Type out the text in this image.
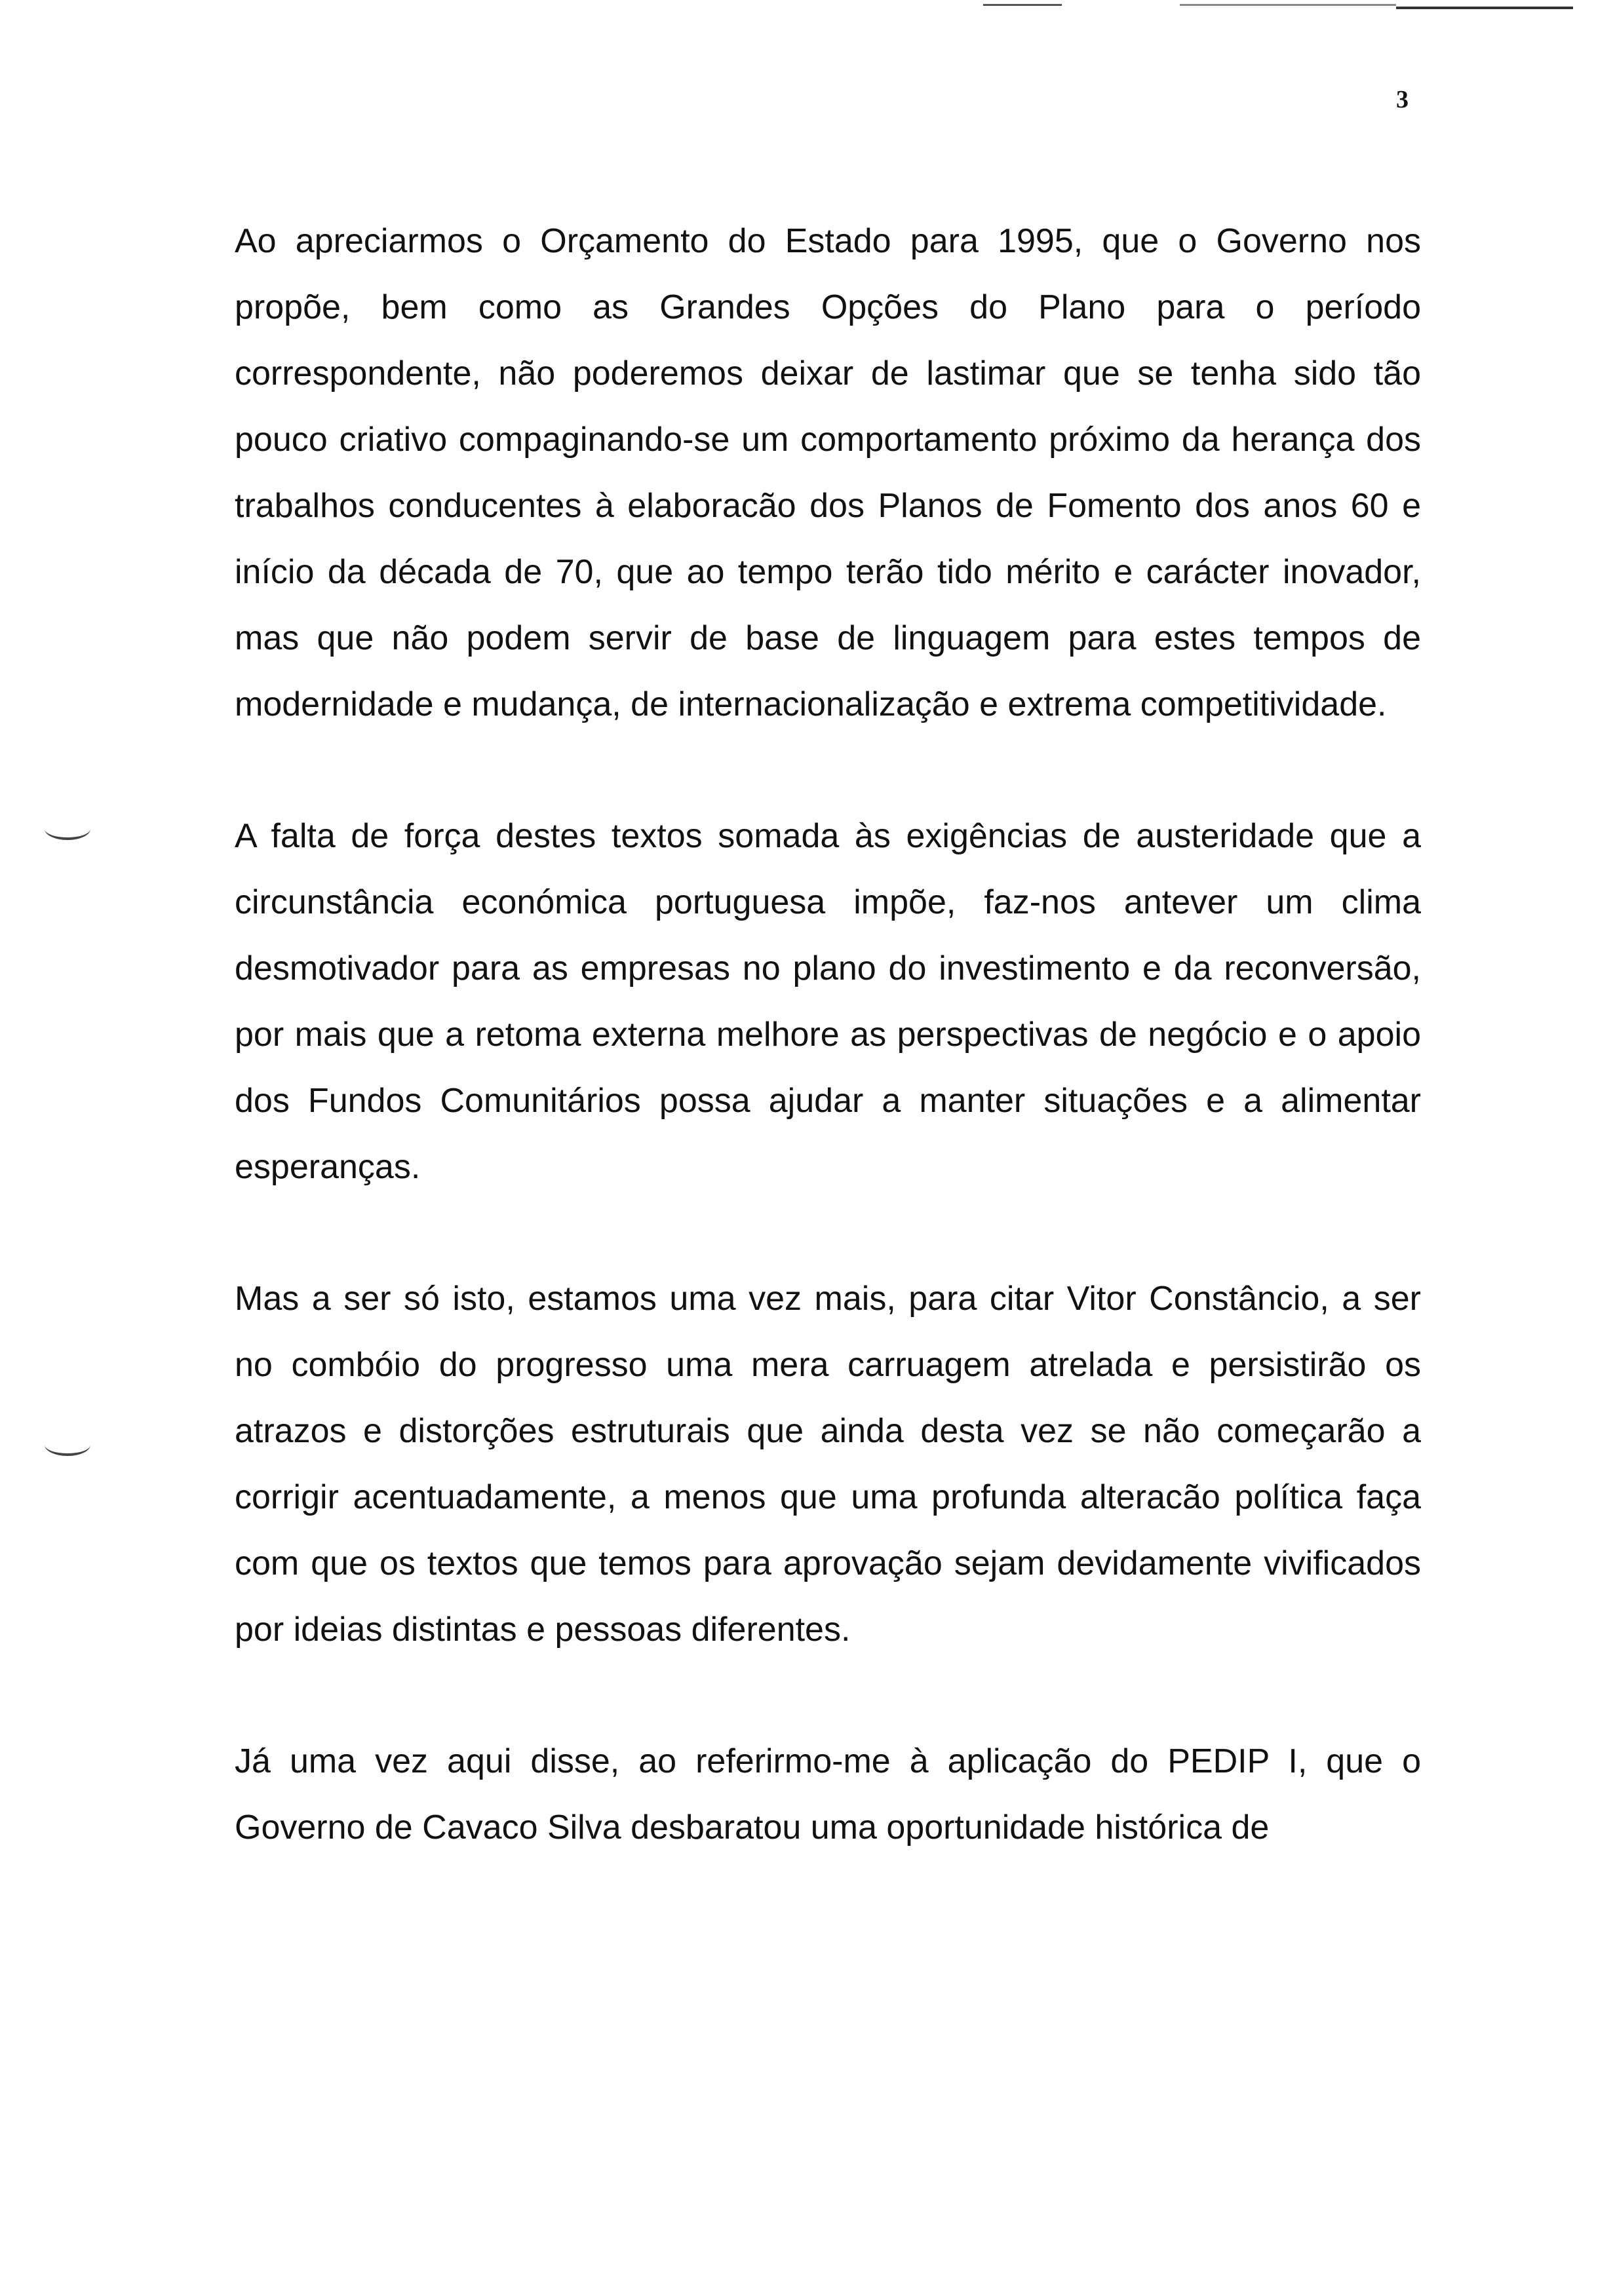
3

Ao apreciarmos o Orçamento do Estado para 1995, que o Governo nos propõe, bem como as Grandes Opções do Plano para o período correspondente, não poderemos deixar de lastimar que se tenha sido tão pouco criativo compaginando-se um comportamento próximo da herança dos trabalhos conducentes à elaboracão dos Planos de Fomento dos anos 60 e início da década de 70, que ao tempo terão tido mérito e carácter inovador, mas que não podem servir de base de linguagem para estes tempos de modernidade e mudança, de internacionalização e extrema competitividade.

A falta de força destes textos somada às exigências de austeridade que a circunstância económica portuguesa impõe, faz-nos antever um clima desmotivador para as empresas no plano do investimento e da reconversão, por mais que a retoma externa melhore as perspectivas de negócio e o apoio dos Fundos Comunitários possa ajudar a manter situações e a alimentar esperanças.

Mas a ser só isto, estamos uma vez mais, para citar Vitor Constâncio, a ser no combóio do progresso uma mera carruagem atrelada e persistirão os atrazos e distorções estruturais que ainda desta vez se não começarão a corrigir acentuadamente, a menos que uma profunda alteracão política faça com que os textos que temos para aprovação sejam devidamente vivificados por ideias distintas e pessoas diferentes.

Já uma vez aqui disse, ao referirmo-me à aplicação do PEDIP I, que o Governo de Cavaco Silva desbaratou uma oportunidade histórica de
